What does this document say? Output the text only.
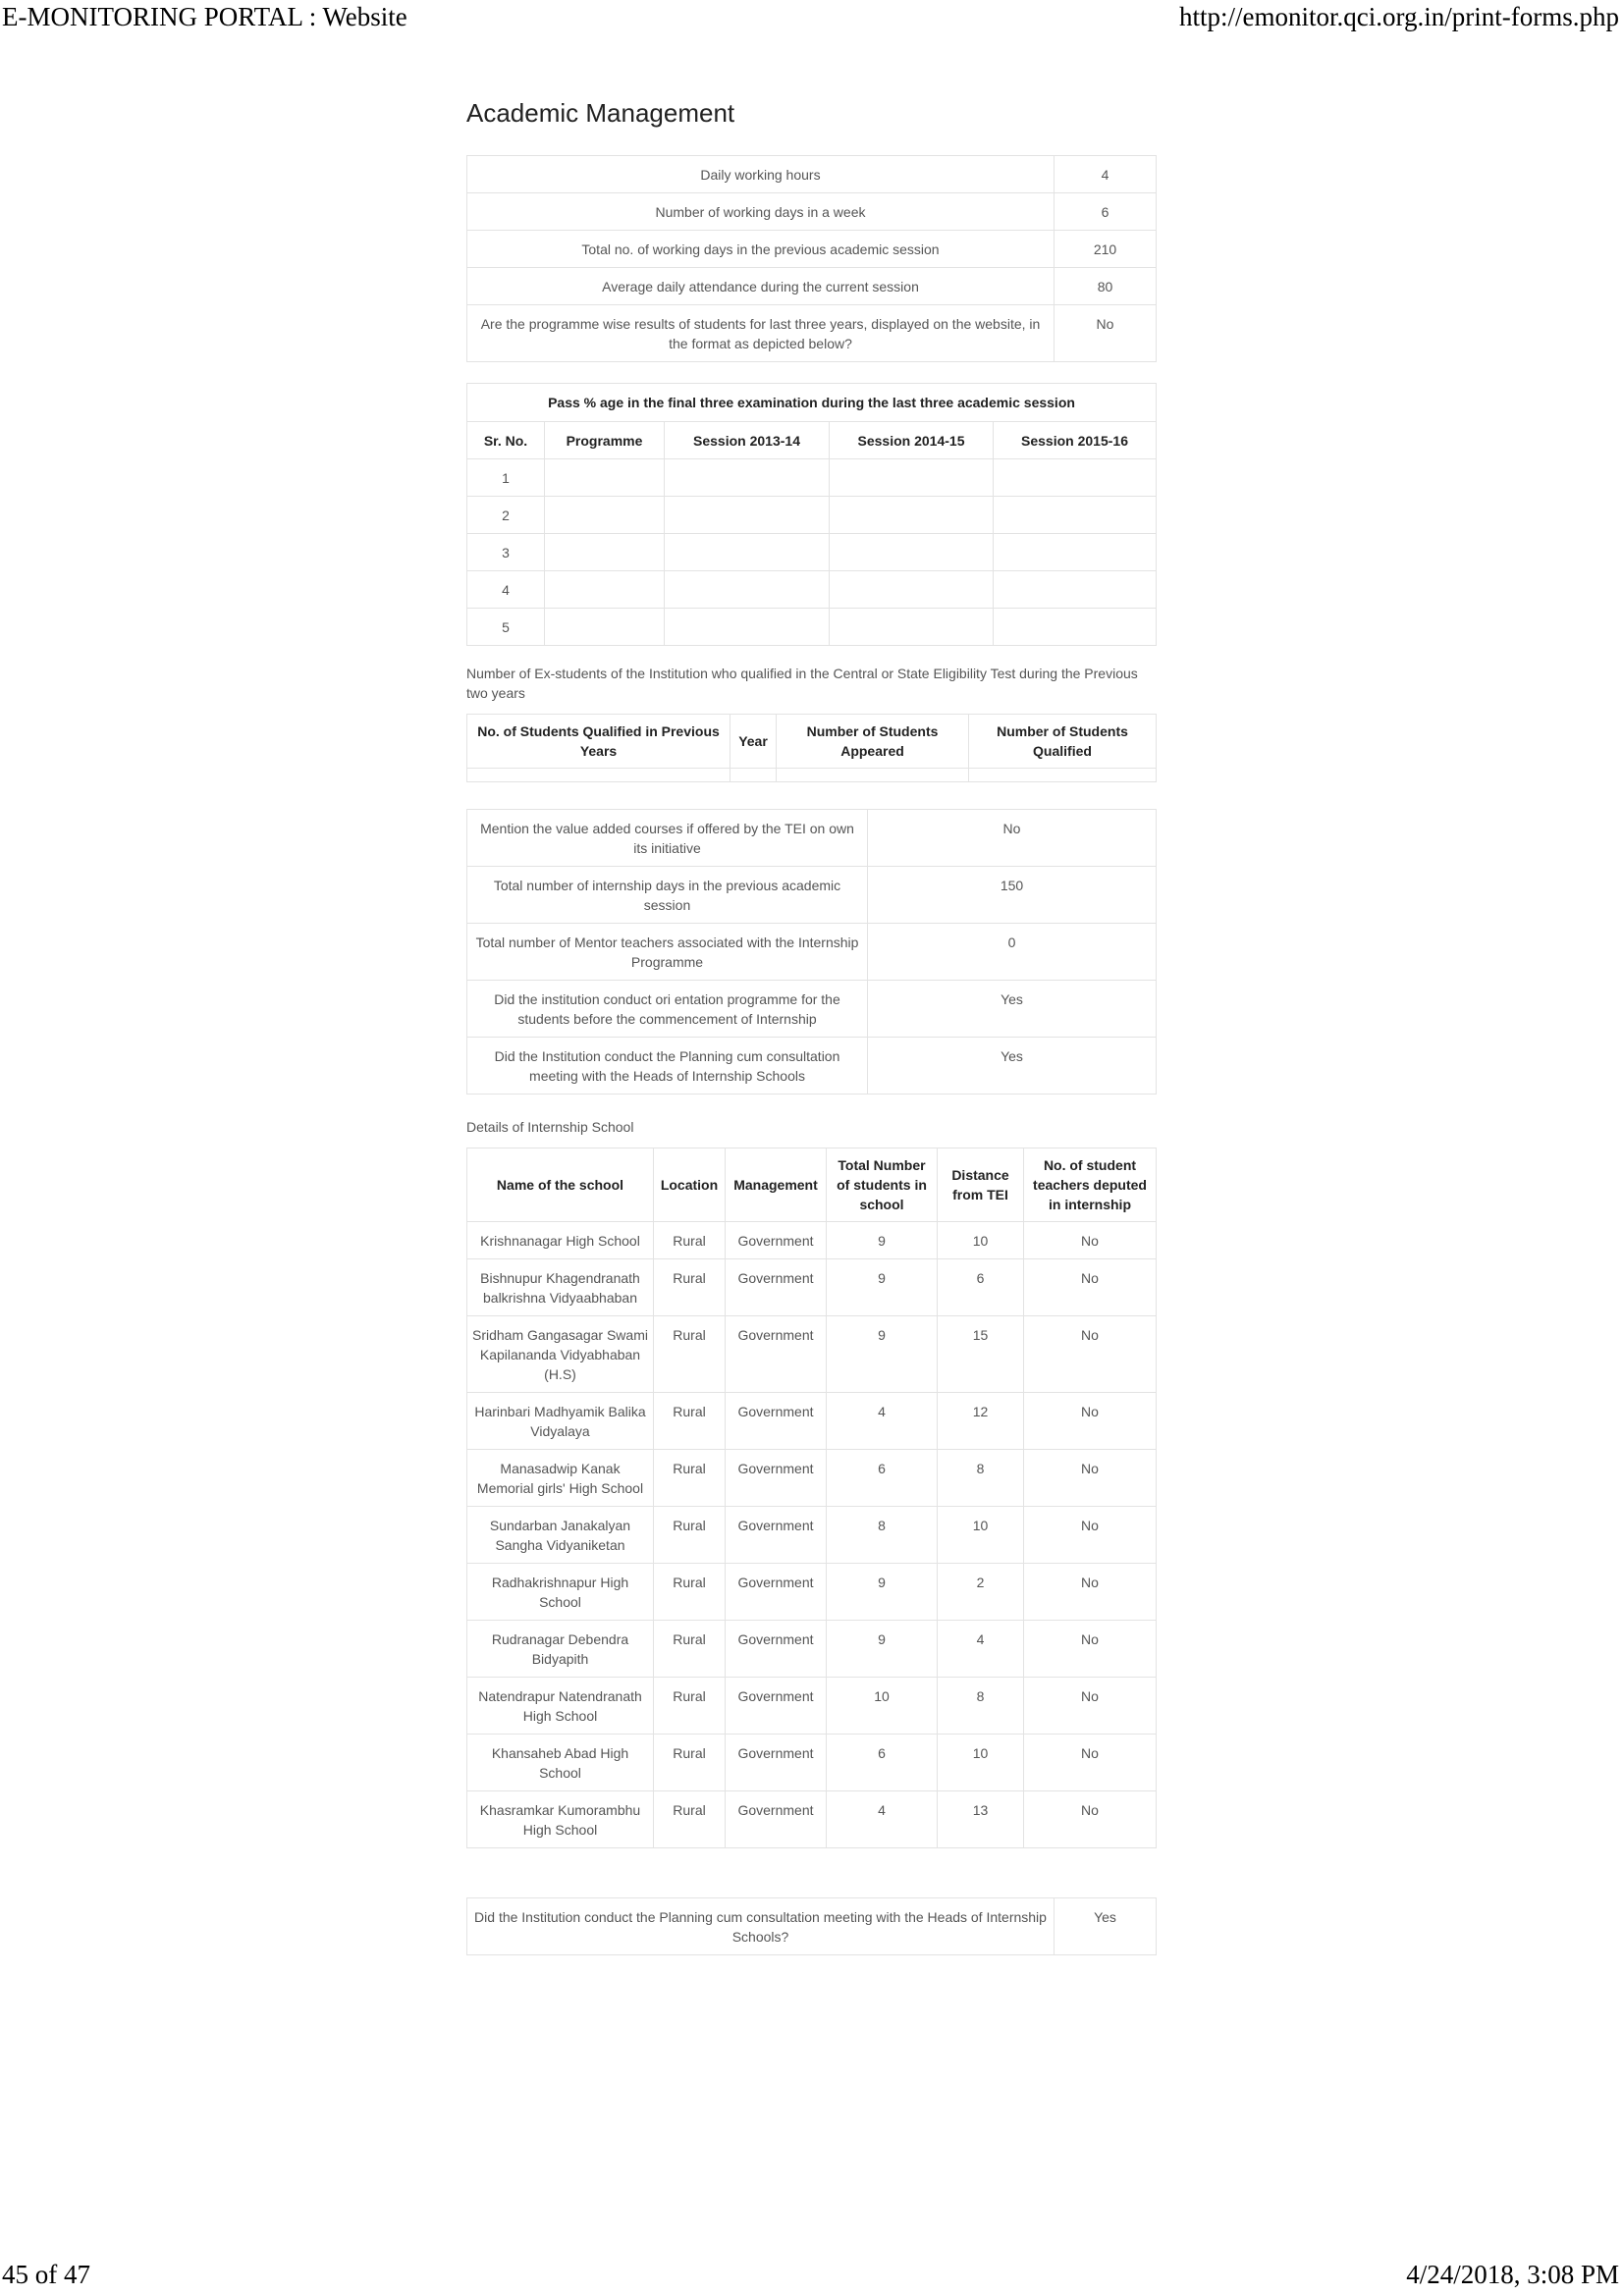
E-MONITORING PORTAL : Website	http://emonitor.qci.org.in/print-forms.php
Academic Management
Daily working hours	4
Number of working days in a week	6
Total no. of working days in the previous academic session	210
Average daily attendance during the current session	80
Are the programme wise results of students for last three years, displayed on the website, in the format as depicted below?	No
Pass % age in the final three examination during the last three academic session				
Sr. No.	Programme	Session 2013-14	Session 2014-15	Session 2015-16
1				
2				
3				
4				
5				
Number of Ex-students of the Institution who qualified in the Central or State Eligibility Test during the Previous two years
No. of Students Qualified in Previous Years	Year	Number of Students Appeared	Number of Students Qualified

Mention the value added courses if offered by the TEI on own its initiative	No
Total number of internship days in the previous academic session	150
Total number of Mentor teachers associated with the Internship Programme	0
Did the institution conduct ori entation programme for the students before the commencement of Internship	Yes
Did the Institution conduct the Planning cum consultation meeting with the Heads of Internship Schools	Yes
Details of Internship School
Name of the school	Location	Management	Total Number of students in school	Distance from TEI	No. of student teachers deputed in internship
Krishnanagar High School	Rural	Government	9	10	No
Bishnupur Khagendranath balkrishna Vidyaabhaban	Rural	Government	9	6	No
Sridham Gangasagar Swami Kapilananda Vidyabhaban (H.S)	Rural	Government	9	15	No
Harinbari Madhyamik Balika Vidyalaya	Rural	Government	4	12	No
Manasadwip Kanak Memorial girls' High School	Rural	Government	6	8	No
Sundarban Janakalyan Sangha Vidyaniketan	Rural	Government	8	10	No
Radhakrishnapur High School	Rural	Government	9	2	No
Rudranagar Debendra Bidyapith	Rural	Government	9	4	No
Natendrapur Natendranath High School	Rural	Government	10	8	No
Khansaheb Abad High School	Rural	Government	6	10	No
Khasramkar Kumorambhu High School	Rural	Government	4	13	No
Did the Institution conduct the Planning cum consultation meeting with the Heads of Internship Schools?	Yes
45 of 47	4/24/2018, 3:08 PM
